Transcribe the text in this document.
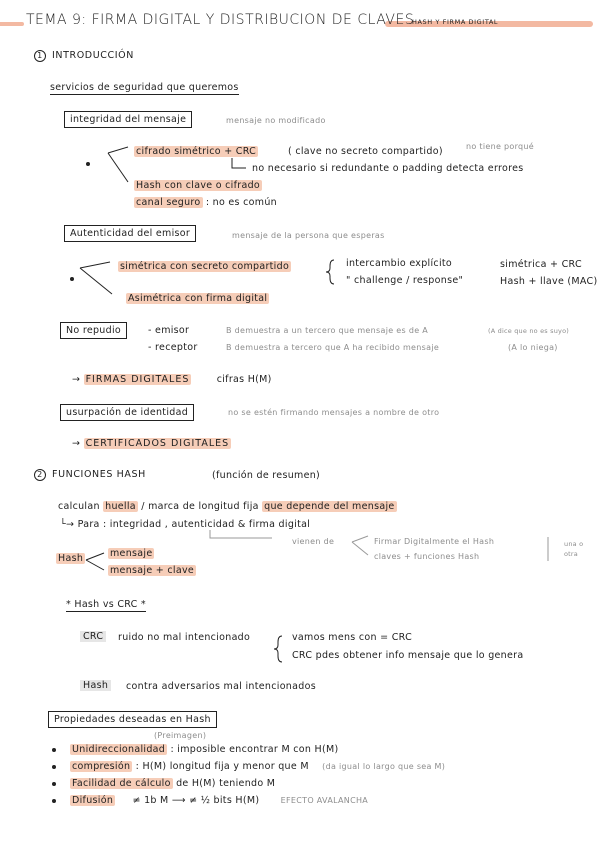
TEMA 9: FIRMA DIGITAL Y DISTRIBUCION DE CLAVES
HASH Y FIRMA DIGITAL
1 INTRODUCCIÓN
servicios de seguridad que queremos
integridad del mensaje	mensaje no modificado
cifrado simétrico + CRC	( clave no secreto compartido)	no tiene porqué
no necesario si redundante o padding detecta errores
Hash con clave o cifrado
canal seguro : no es común
Autenticidad del emisor	mensaje de la persona que esperas
simétrica con secreto compartido	intercambio explícito
" challenge / response"
simétrica + CRC
Hash + llave (MAC)
Asimétrica con firma digital
No repudio	- emisor	B demuestra a un tercero que mensaje es de A	(A dice que no es suyo)
- receptor	B demuestra a tercero que A ha recibido mensaje	(A lo niega)
→ FIRMAS DIGITALES	cifras H(M)
usurpación de identidad	no se estén firmando mensajes a nombre de otro
→ CERTIFICADOS DIGITALES
2 FUNCIONES HASH	(función de resumen)
calculan huella / marca de longitud fija que depende del mensaje
└→ Para : integridad , autenticidad & firma digital
vienen de	Firmar Digitalmente el Hash
claves + funciones Hash
una o
otra
Hash	mensaje
mensaje + clave
* Hash vs CRC *
CRC	ruido no mal intencionado	vamos mens con = CRC
CRC pdes obtener info mensaje que lo genera
Hash	contra adversarios mal intencionados
Propiedades deseadas en Hash
(Preimagen)
Unidireccionalidad : imposible encontrar M con H(M)
compresión : H(M) longitud fija y menor que M (da igual lo largo que sea M)
Facilidad de cálculo de H(M) teniendo M
Difusión ≠ 1b M ⟶ ≠ ½ bits H(M)	EFECTO AVALANCHA
